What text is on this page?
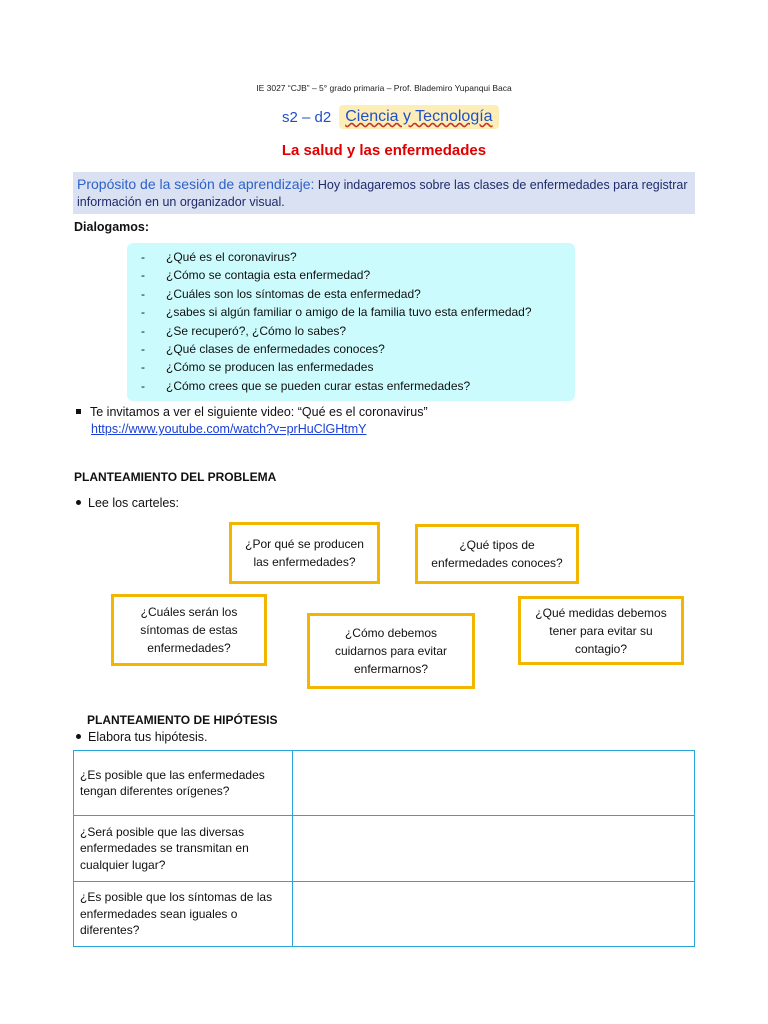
IE 3027 “CJB” – 5° grado primaria – Prof. Blademiro Yupanqui Baca
s2 – d2 Ciencia y Tecnología
La salud y las enfermedades
Propósito de la sesión de aprendizaje: Hoy indagaremos sobre las clases de enfermedades para registrar información en un organizador visual.
Dialogamos:
- ¿Qué es el coronavirus?
- ¿Cómo se contagia esta enfermedad?
- ¿Cuáles son los síntomas de esta enfermedad?
- ¿sabes si algún familiar o amigo de la familia tuvo esta enfermedad?
- ¿Se recuperó?, ¿Cómo lo sabes?
- ¿Qué clases de enfermedades conoces?
- ¿Cómo se producen las enfermedades
- ¿Cómo crees que se pueden curar estas enfermedades?
Te invitamos a ver el siguiente video: “Qué es el coronavirus”
https://www.youtube.com/watch?v=prHuClGHtmY
PLANTEAMIENTO DEL PROBLEMA
Lee los carteles:
¿Por qué se producen las enfermedades?
¿Qué tipos de enfermedades conoces?
¿Cuáles serán los síntomas de estas enfermedades?
¿Cómo debemos cuidarnos para evitar enfermarnos?
¿Qué medidas debemos tener para evitar su contagio?
PLANTEAMIENTO DE HIPÓTESIS
Elabora tus hipótesis.
¿Es posible que las enfermedades tengan diferentes orígenes?	
¿Será posible que las diversas enfermedades se transmitan en cualquier lugar?	
¿Es posible que los síntomas de las enfermedades sean iguales o diferentes?	
